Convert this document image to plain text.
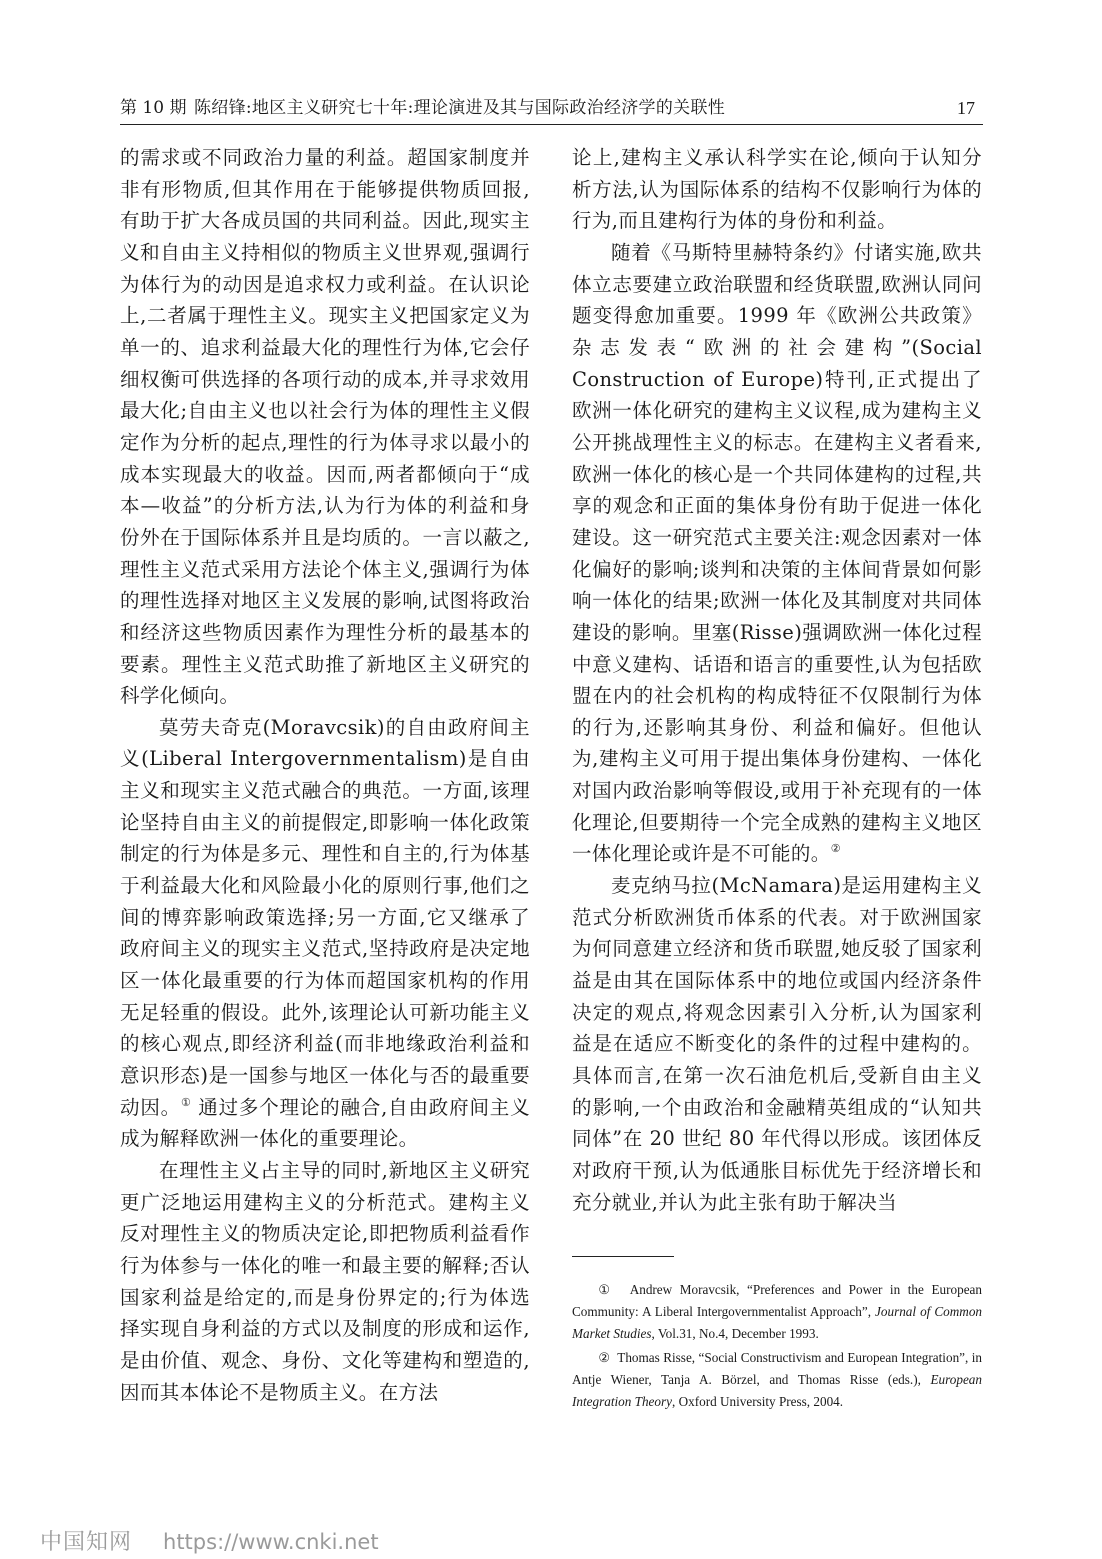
第 10 期 陈绍锋:地区主义研究七十年:理论演进及其与国际政治经济学的关联性	17

的需求或不同政治力量的利益。超国家制度并非有形物质,但其作用在于能够提供物质回报,有助于扩大各成员国的共同利益。因此,现实主义和自由主义持相似的物质主义世界观,强调行为体行为的动因是追求权力或利益。在认识论上,二者属于理性主义。现实主义把国家定义为单一的、追求利益最大化的理性行为体,它会仔细权衡可供选择的各项行动的成本,并寻求效用最大化;自由主义也以社会行为体的理性主义假定作为分析的起点,理性的行为体寻求以最小的成本实现最大的收益。因而,两者都倾向于“成本—收益”的分析方法,认为行为体的利益和身份外在于国际体系并且是均质的。一言以蔽之,理性主义范式采用方法论个体主义,强调行为体的理性选择对地区主义发展的影响,试图将政治和经济这些物质因素作为理性分析的最基本的要素。理性主义范式助推了新地区主义研究的科学化倾向。

莫劳夫奇克(Moravcsik)的自由政府间主义(Liberal Intergovernmentalism)是自由主义和现实主义范式融合的典范。一方面,该理论坚持自由主义的前提假定,即影响一体化政策制定的行为体是多元、理性和自主的,行为体基于利益最大化和风险最小化的原则行事,他们之间的博弈影响政策选择;另一方面,它又继承了政府间主义的现实主义范式,坚持政府是决定地区一体化最重要的行为体而超国家机构的作用无足轻重的假设。此外,该理论认可新功能主义的核心观点,即经济利益(而非地缘政治利益和意识形态)是一国参与地区一体化与否的最重要动因。① 通过多个理论的融合,自由政府间主义成为解释欧洲一体化的重要理论。

在理性主义占主导的同时,新地区主义研究更广泛地运用建构主义的分析范式。建构主义反对理性主义的物质决定论,即把物质利益看作行为体参与一体化的唯一和最主要的解释;否认国家利益是给定的,而是身份界定的;行为体选择实现自身利益的方式以及制度的形成和运作,是由价值、观念、身份、文化等建构和塑造的,因而其本体论不是物质主义。在方法

论上,建构主义承认科学实在论,倾向于认知分析方法,认为国际体系的结构不仅影响行为体的行为,而且建构行为体的身份和利益。

随着《马斯特里赫特条约》付诸实施,欧共体立志要建立政治联盟和经货联盟,欧洲认同问题变得愈加重要。1999 年《欧洲公共政策》杂志发表“欧洲的社会建构”(Social Construction of Europe)特刊,正式提出了欧洲一体化研究的建构主义议程,成为建构主义公开挑战理性主义的标志。在建构主义者看来,欧洲一体化的核心是一个共同体建构的过程,共享的观念和正面的集体身份有助于促进一体化建设。这一研究范式主要关注:观念因素对一体化偏好的影响;谈判和决策的主体间背景如何影响一体化的结果;欧洲一体化及其制度对共同体建设的影响。里塞(Risse)强调欧洲一体化过程中意义建构、话语和语言的重要性,认为包括欧盟在内的社会机构的构成特征不仅限制行为体的行为,还影响其身份、利益和偏好。但他认为,建构主义可用于提出集体身份建构、一体化对国内政治影响等假设,或用于补充现有的一体化理论,但要期待一个完全成熟的建构主义地区一体化理论或许是不可能的。②

麦克纳马拉(McNamara)是运用建构主义范式分析欧洲货币体系的代表。对于欧洲国家为何同意建立经济和货币联盟,她反驳了国家利益是由其在国际体系中的地位或国内经济条件决定的观点,将观念因素引入分析,认为国家利益是在适应不断变化的条件的过程中建构的。具体而言,在第一次石油危机后,受新自由主义的影响,一个由政治和金融精英组成的“认知共同体”在 20 世纪 80 年代得以形成。该团体反对政府干预,认为低通胀目标优先于经济增长和充分就业,并认为此主张有助于解决当

① Andrew Moravcsik, “Preferences and Power in the European Community: A Liberal Intergovernmentalist Approach”, Journal of Common Market Studies, Vol.31, No.4, December 1993.

② Thomas Risse, “Social Constructivism and European Integration”, in Antje Wiener, Tanja A. Börzel, and Thomas Risse (eds.), European Integration Theory, Oxford University Press, 2004.

中国知网 https://www.cnki.net
